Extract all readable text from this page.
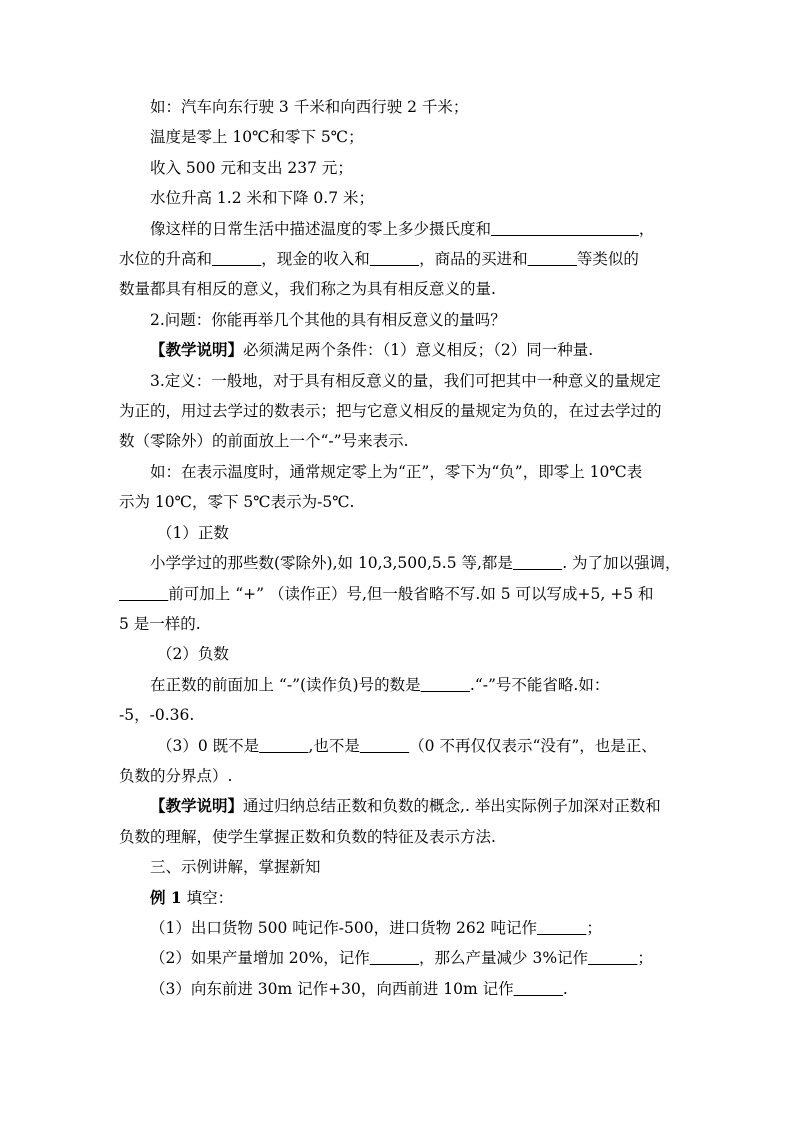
如：汽车向东行驶 3 千米和向西行驶 2 千米；

温度是零上 10℃和零下 5℃；

收入 500 元和支出 237 元；

水位升高 1.2 米和下降 0.7 米；

像这样的日常生活中描述温度的零上多少摄氏度和	，

水位的升高和	，现金的收入和	，商品的买进和	等类似的

数量都具有相反的意义，我们称之为具有相反意义的量.

2.问题：你能再举几个其他的具有相反意义的量吗？

【教学说明】必须满足两个条件：（1）意义相反；（2）同一种量.

3.定义：一般地，对于具有相反意义的量，我们可把其中一种意义的量规定

为正的，用过去学过的数表示；把与它意义相反的量规定为负的，在过去学过的

数（零除外）的前面放上一个“-”号来表示.

如：在表示温度时，通常规定零上为“正”，零下为“负”，即零上 10℃表

示为 10℃，零下 5℃表示为-5℃.

（1）正数

小学学过的那些数(零除外),如 10,3,500,5.5 等,都是	. 为了加以强调，

前可加上 “+” （读作正）号,但一般省略不写.如 5 可以写成+5, +5 和

5 是一样的.

（2）负数

在正数的前面加上 “-”(读作负)号的数是	.“-”号不能省略.如：

-5，-0.36.

（3）0 既不是	,也不是	（0 不再仅仅表示“没有”，也是正、

负数的分界点）.

【教学说明】通过归纳总结正数和负数的概念,. 举出实际例子加深对正数和

负数的理解，使学生掌握正数和负数的特征及表示方法.

三、示例讲解，掌握新知

例 1 填空：

（1）出口货物 500 吨记作-500，进口货物 262 吨记作	；

（2）如果产量增加 20%，记作	，那么产量减少 3%记作	；

（3）向东前进 30m 记作+30，向西前进 10m 记作	.
